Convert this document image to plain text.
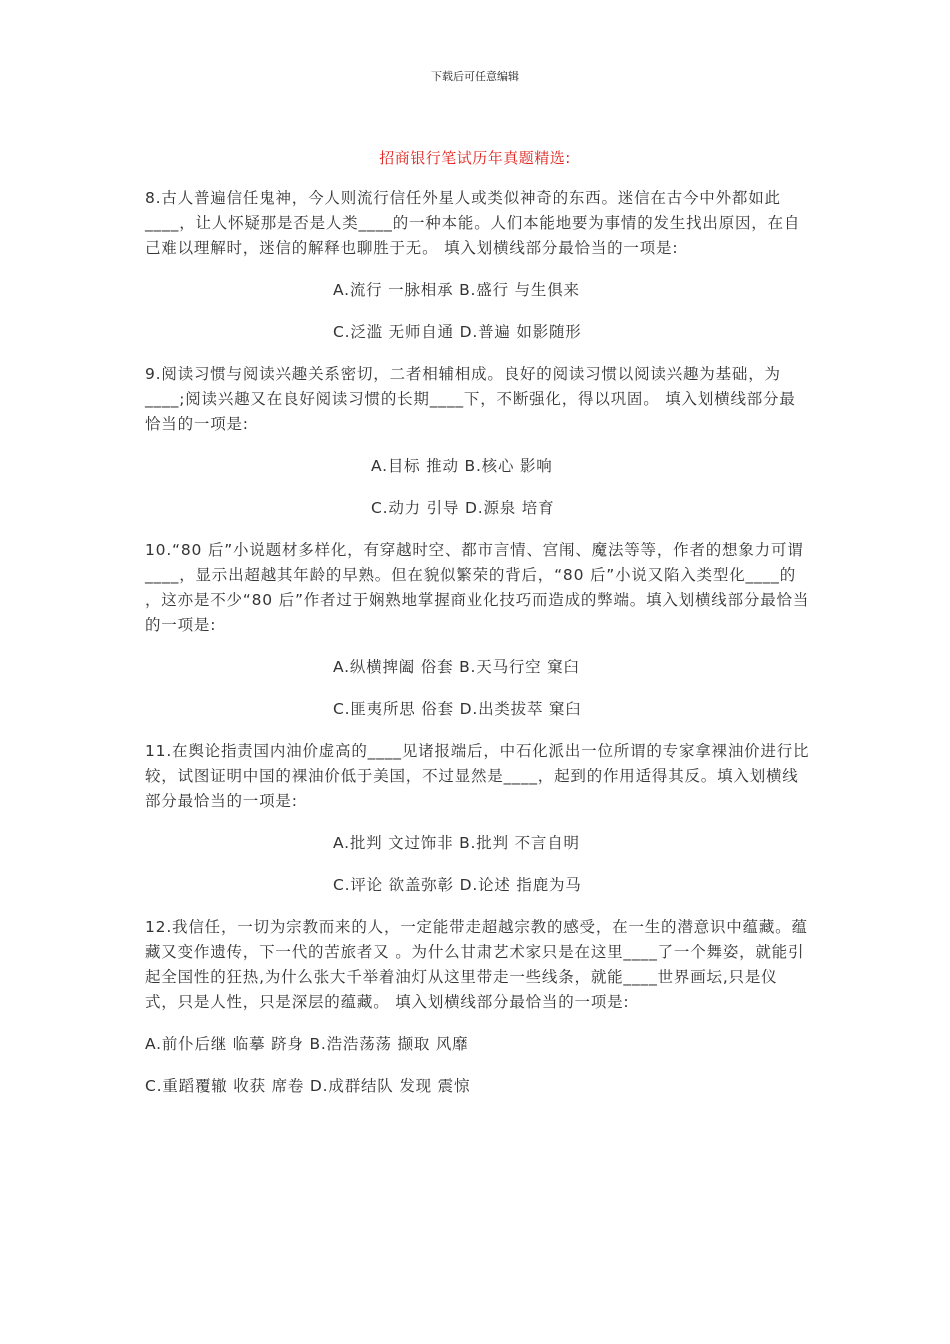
下载后可任意编辑
招商银行笔试历年真题精选:

8.古人普遍信任鬼神，今人则流行信任外星人或类似神奇的东西。迷信在古今中外都如此____，让人怀疑那是否是人类____的一种本能。人们本能地要为事情的发生找出原因，在自己难以理解时，迷信的解释也聊胜于无。 填入划横线部分最恰当的一项是:

A.流行 一脉相承 B.盛行 与生俱来

C.泛滥 无师自通 D.普遍 如影随形

9.阅读习惯与阅读兴趣关系密切，二者相辅相成。良好的阅读习惯以阅读兴趣为基础，为____;阅读兴趣又在良好阅读习惯的长期____下，不断强化，得以巩固。 填入划横线部分最恰当的一项是:

A.目标 推动 B.核心 影响

C.动力 引导 D.源泉 培育

10.“80 后”小说题材多样化，有穿越时空、都市言情、宫闱、魔法等等，作者的想象力可谓____，显示出超越其年龄的早熟。但在貌似繁荣的背后，“80 后”小说又陷入类型化____的 ，这亦是不少“80 后”作者过于娴熟地掌握商业化技巧而造成的弊端。填入划横线部分最恰当的一项是:

A.纵横捭阖 俗套 B.天马行空 窠臼

C.匪夷所思 俗套 D.出类拔萃 窠臼

11.在舆论指责国内油价虚高的____见诸报端后，中石化派出一位所谓的专家拿裸油价进行比较，试图证明中国的裸油价低于美国，不过显然是____，起到的作用适得其反。填入划横线部分最恰当的一项是:

A.批判 文过饰非 B.批判 不言自明

C.评论 欲盖弥彰 D.论述 指鹿为马

12.我信任，一切为宗教而来的人，一定能带走超越宗教的感受，在一生的潜意识中蕴藏。蕴藏又变作遗传，下一代的苦旅者又 。为什么甘肃艺术家只是在这里____了一个舞姿，就能引起全国性的狂热,为什么张大千举着油灯从这里带走一些线条，就能____世界画坛,只是仪式，只是人性，只是深层的蕴藏。 填入划横线部分最恰当的一项是:

A.前仆后继 临摹 跻身 B.浩浩荡荡 撷取 风靡

C.重蹈覆辙 收获 席卷 D.成群结队 发现 震惊
